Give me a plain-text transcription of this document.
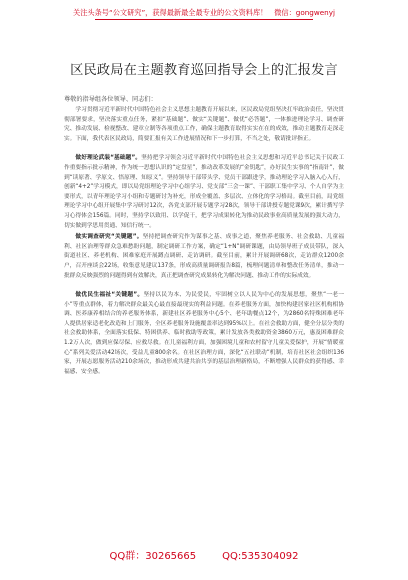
关注头条号“公文研究”，获得最新最全最专业的公文资料库！ 微信：gongwenyj
区民政局在主题教育巡回指导会上的汇报发言
尊敬的指导组各位领导、同志们：

学习贯彻习近平新时代中国特色社会主义思想主题教育开展以来，区民政局党组坚决扛牢政治责任，坚决贯彻部署要求，坚决落实重点任务，紧扣“基础题”、做实“关键题”、做优“必答题”，一体推进理论学习、调查研究、推动发展、检视整改、建章立制等各项重点工作，确保主题教育取得实实在在的成效，推动主题教育走深走实。下面，我代表区民政局，简要汇报有关工作进展情况和下一步打算，不当之处，敬请批评指正。

做好理论武装“基础题”。坚持把学习领会习近平新时代中国特色社会主义思想和习近平总书记关于民政工作重要指示批示精神，作为统一思想认识的“定盘星”，推动改革发展的“金钥匙”，办好民生实事的“指南针”，做到“读原著、学原文、悟原理、知原义”。坚持领导干部带头学、党员干部跟进学，推动理论学习入脑入心入行，创新“4+2”学习模式，即以局党组理论学习中心组学习、党支部“三会一课”、干部职工集中学习、个人自学为主要形式，以青年理论学习小组和专题研讨为补充，形成全覆盖、多层次、立体化的学习格局。截至目前，局党组理论学习中心组开展集中学习研讨12次，各党支部开展专题学习28次，领导干部讲授专题党课9次，累计撰写学习心得体会156篇。同时，坚持学以致用、以学促干，把学习成果转化为推动民政事业高质量发展的强大动力，切实做到学思用贯通、知信行统一。

做实调查研究“关键题”。坚持把调查研究作为谋事之基、成事之道，聚焦养老服务、社会救助、儿童福利、社区治理等群众急难愁盼问题，制定调研工作方案，确定“1+N”调研课题，由局领导班子成员带队，深入街道社区、养老机构、困难家庭开展蹲点调研、走访调研。截至目前，累计开展调研68次，走访群众1200余户，召开座谈会22场，收集意见建议137条，形成高质量调研报告8篇，梳理问题清单和整改任务清单，推动一批群众反映强烈的问题得到有效解决，真正把调查研究成果转化为解决问题、推动工作的实际成效。

做优民生福祉“关键题”。坚持以民为本、为民爱民，牢固树立以人民为中心的发展思想，聚焦“一老一小”等重点群体，着力解决群众最关心最直接最现实的利益问题。在养老服务方面，加快构建居家社区机构相协调、医养康养相结合的养老服务体系，新建社区养老服务中心5个、老年助餐点12个，为2860名特殊困难老年人提供居家适老化改造和上门服务，全区养老服务设施覆盖率达到95%以上。在社会救助方面，健全分层分类的社会救助体系，全面落实低保、特困供养、临时救助等政策，累计发放各类救助资金3860万元，惠及困难群众1.2万人次，做到应保尽保、应救尽救。在儿童福利方面，加强困境儿童和农村留守儿童关爱保护，开展“情暖童心”系列关爱活动42场次，受益儿童800余名。在社区治理方面，深化“五社联动”机制，培育社区社会组织136家，开展志愿服务活动210余场次，推动形成共建共治共享的基层治理新格局，不断增强人民群众的获得感、幸福感、安全感。

QQ群：30265665	QQ:535304092
